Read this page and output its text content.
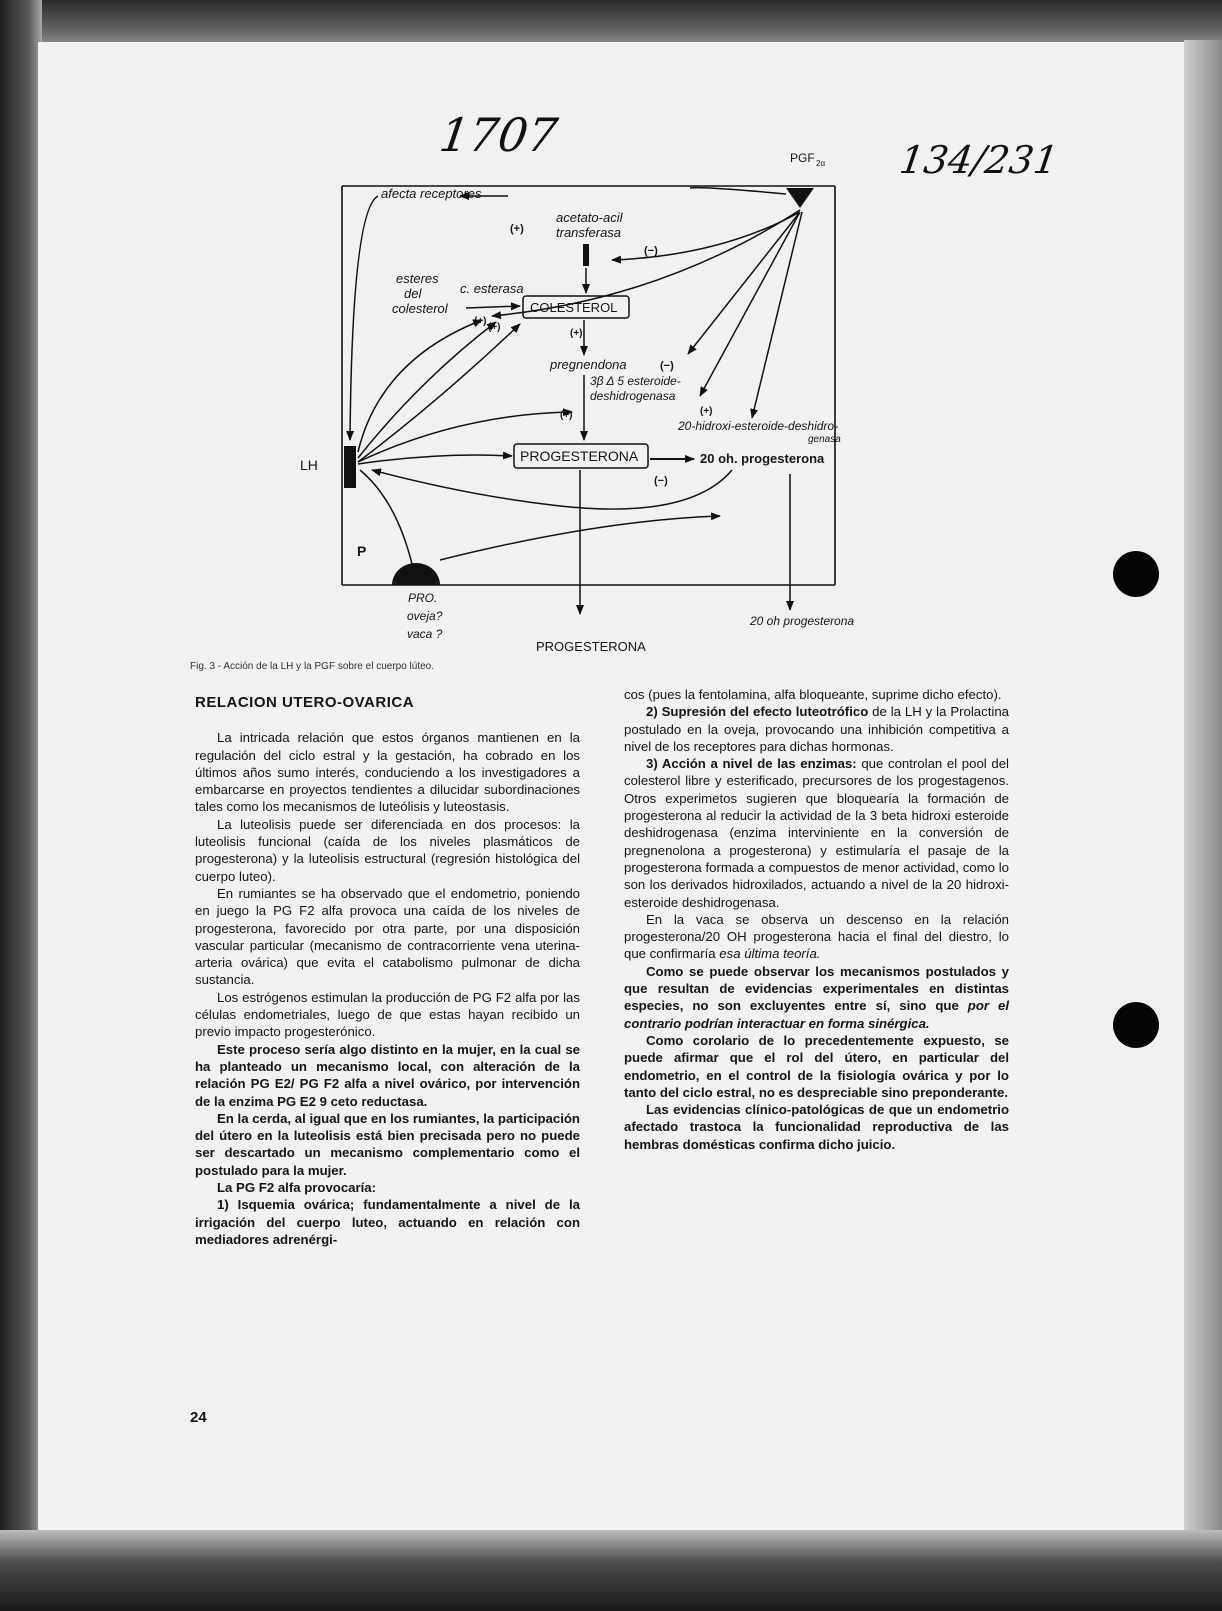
1707	134/231
PGF 2α
afecta receptores
acetato-acil
transferasa
(+)
(−)
esteres
del
colesterol
c. esterasa
(+)
(+)
COLESTEROL
(+)
pregnendona	(−)
3β Δ 5 esteroide-
deshidrogenasa
(+)	(+)
20-hidroxi-esteroide-deshidro-
genasa
PROGESTERONA	20 oh. progesterona
(−)
LH
P
PRO.
oveja?
vaca ?
PROGESTERONA
20 oh progesterona
Fig. 3 - Acción de la LH y la PGF sobre el cuerpo lúteo.
RELACION UTERO-OVARICA

La intricada relación que estos órganos mantienen en la regulación del ciclo estral y la gestación, ha cobrado en los últimos años sumo interés, conduciendo a los investigadores a embarcarse en proyectos tendientes a dilucidar subordinaciones tales como los mecanismos de luteólisis y luteostasis.

La luteolisis puede ser diferenciada en dos procesos: la luteolisis funcional (caída de los niveles plasmáticos de progesterona) y la luteolisis estructural (regresión histológica del cuerpo luteo).

En rumiantes se ha observado que el endometrio, poniendo en juego la PG F2 alfa provoca una caída de los niveles de progesterona, favorecido por otra parte, por una disposición vascular particular (mecanismo de contracorriente vena uterina-arteria ovárica) que evita el catabolismo pulmonar de dicha sustancia.

Los estrógenos estimulan la producción de PG F2 alfa por las células endometriales, luego de que estas hayan recibido un previo impacto progesterónico.

Este proceso sería algo distinto en la mujer, en la cual se ha planteado un mecanismo local, con alteración de la relación PG E2/ PG F2 alfa a nivel ovárico, por intervención de la enzima PG E2 9 ceto reductasa.

En la cerda, al igual que en los rumiantes, la participación del útero en la luteolisis está bien precisada pero no puede ser descartado un mecanismo complementario como el postulado para la mujer.

La PG F2 alfa provocaría:

1) Isquemia ovárica; fundamentalmente a nivel de la irrigación del cuerpo luteo, actuando en relación con mediadores adrenérgi-

cos (pues la fentolamina, alfa bloqueante, suprime dicho efecto).

2) Supresión del efecto luteotrófico de la LH y la Prolactina postulado en la oveja, provocando una inhibición competitiva a nivel de los receptores para dichas hormonas.

3) Acción a nivel de las enzimas: que controlan el pool del colesterol libre y esterificado, precursores de los progestagenos. Otros experimetos sugieren que bloquearía la formación de progesterona al reducir la actividad de la 3 beta hidroxi esteroide deshidrogenasa (enzima interviniente en la conversión de pregnenolona a progesterona) y estimularía el pasaje de la progesterona formada a compuestos de menor actividad, como lo son los derivados hidroxilados, actuando a nivel de la 20 hidroxi-esteroide deshidrogenasa.

En la vaca se observa un descenso en la relación progesterona/20 OH progesterona hacia el final del diestro, lo que confirmaría esa última teoría.

Como se puede observar los mecanismos postulados y que resultan de evidencias experimentales en distintas especies, no son excluyentes entre sí, sino que por el contrario podrían interactuar en forma sinérgica.

Como corolario de lo precedentemente expuesto, se puede afirmar que el rol del útero, en particular del endometrio, en el control de la fisiología ovárica y por lo tanto del ciclo estral, no es despreciable sino preponderante.

Las evidencias clínico-patológicas de que un endometrio afectado trastoca la funcionalidad reproductiva de las hembras domésticas confirma dicho juicio.

24
